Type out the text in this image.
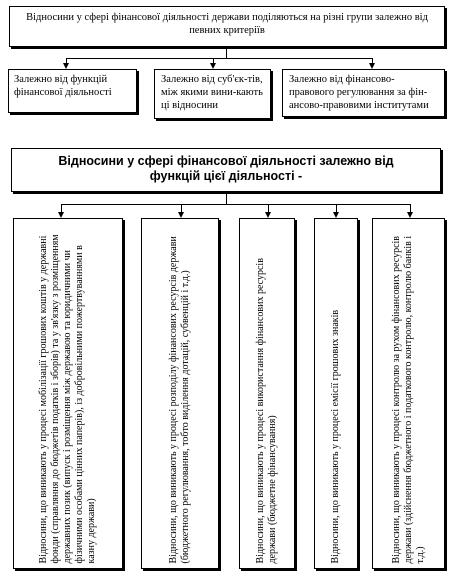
Відносини у сфері фінансової діяльності держави поділяються на різні групи залежно від певних критеріїв
Залежно від функцій фінансової діяльності
Залежно від суб'єк-тів, між якими вини-кають ці відносини
Залежно від фінансово-правового регулювання за фін-ансово-правовими інститутами
Відносини у сфері фінансової діяльності залежно від функцій цієї діяльності -
Відносини, що виникають у процесі мобілізації грошових коштів у державні фонди (справляння до бюджетів податків і зборів) та у зв'язку з розміщенням державних позик (випуск і розміщення між державою та юридичними чи фізичними особами цінних паперів), із добровільними пожертвуваннями в казну держави)	Відносини, що виникають у процесі розподілу фінансових ресурсів держави (бюджетного регулювання, тобто виділення дотацій, субвенцій і т.д.)	Відносини, що виникають у процесі використання фінансових ресурсів держави (бюджетне фінансування)	Відносини, що виникають у процесі емісії грошових знаків	Відносини, що виникають у процесі контролю за рухом фінансових ресурсів держави (здійснення бюджетного і податкового контролю, контролю банків і т.д.)
